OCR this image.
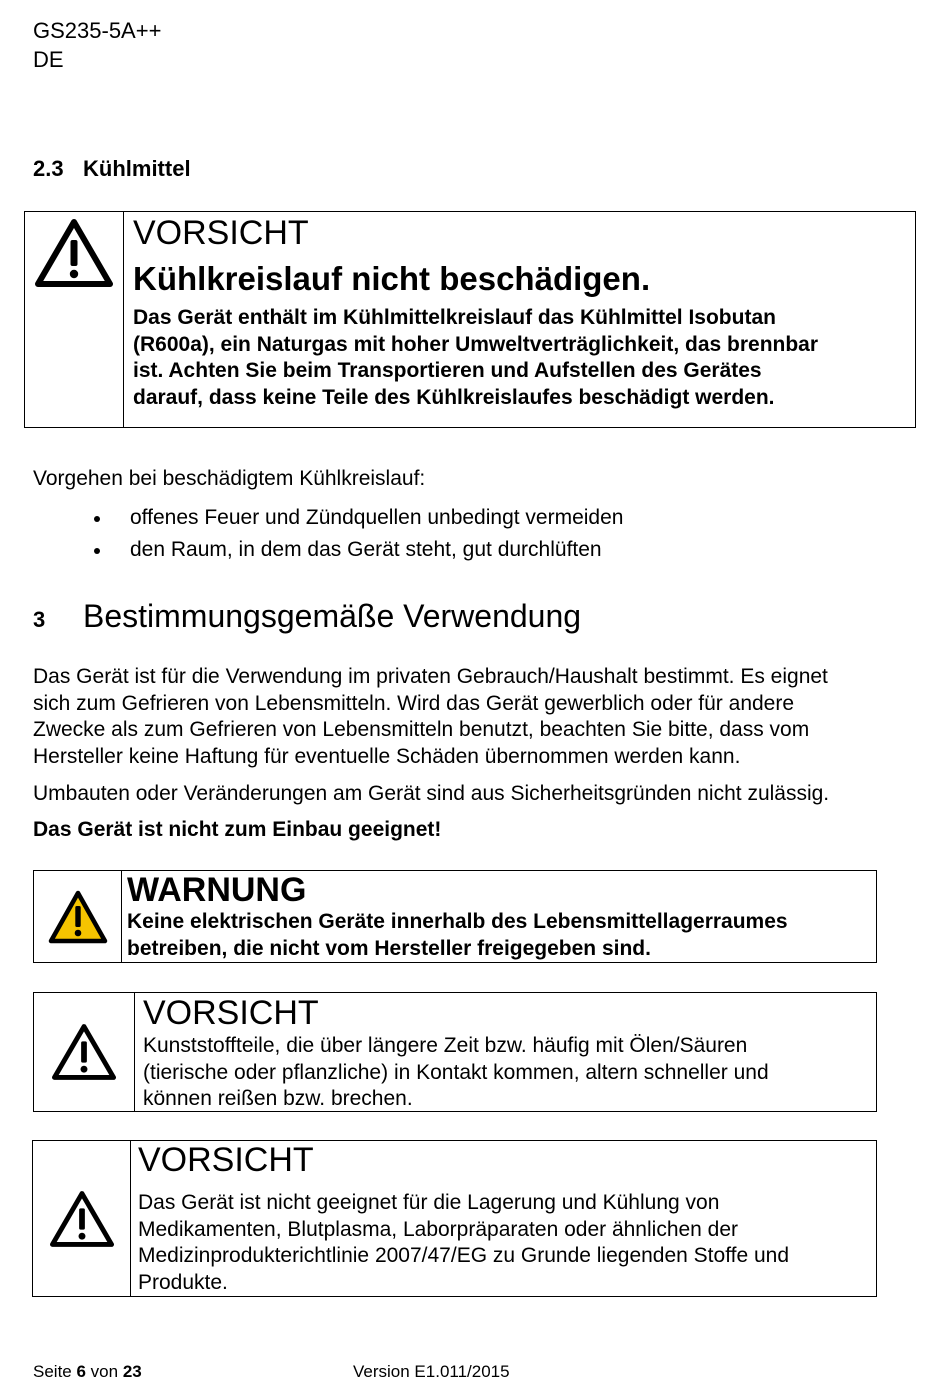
GS235-5A++
DE
2.3 Kühlmittel
VORSICHT
Kühlkreislauf nicht beschädigen.
Das Gerät enthält im Kühlmittelkreislauf das Kühlmittel Isobutan
(R600a), ein Naturgas mit hoher Umweltverträglichkeit, das brennbar
ist. Achten Sie beim Transportieren und Aufstellen des Gerätes
darauf, dass keine Teile des Kühlkreislaufes beschädigt werden.
Vorgehen bei beschädigtem Kühlkreislauf:
offenes Feuer und Zündquellen unbedingt vermeiden
den Raum, in dem das Gerät steht, gut durchlüften
3 Bestimmungsgemäße Verwendung
Das Gerät ist für die Verwendung im privaten Gebrauch/Haushalt bestimmt. Es eignet
sich zum Gefrieren von Lebensmitteln. Wird das Gerät gewerblich oder für andere
Zwecke als zum Gefrieren von Lebensmitteln benutzt, beachten Sie bitte, dass vom
Hersteller keine Haftung für eventuelle Schäden übernommen werden kann.
Umbauten oder Veränderungen am Gerät sind aus Sicherheitsgründen nicht zulässig.
Das Gerät ist nicht zum Einbau geeignet!
WARNUNG
Keine elektrischen Geräte innerhalb des Lebensmittellagerraumes
betreiben, die nicht vom Hersteller freigegeben sind.
VORSICHT
Kunststoffteile, die über längere Zeit bzw. häufig mit Ölen/Säuren
(tierische oder pflanzliche) in Kontakt kommen, altern schneller und
können reißen bzw. brechen.
VORSICHT
Das Gerät ist nicht geeignet für die Lagerung und Kühlung von
Medikamenten, Blutplasma, Laborpräparaten oder ähnlichen der
Medizinprodukterichtlinie 2007/47/EG zu Grunde liegenden Stoffe und
Produkte.
Seite 6 von 23	Version E1.011/2015
